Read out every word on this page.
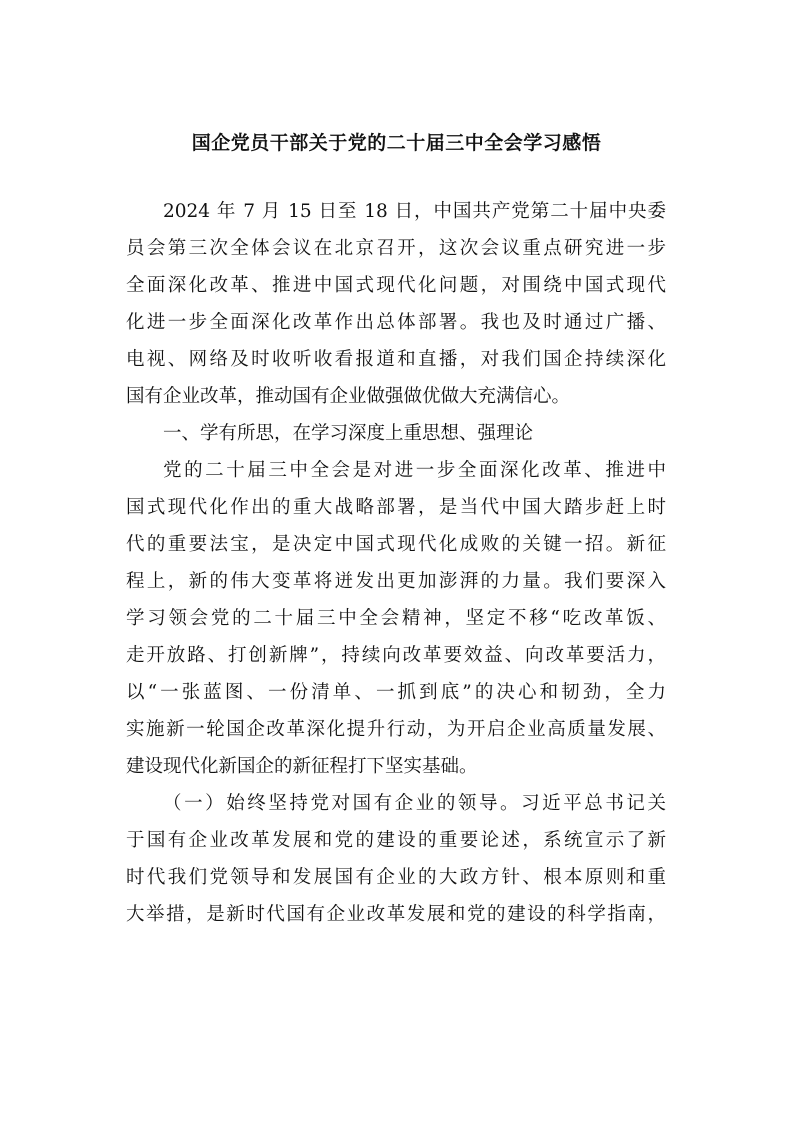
国企党员干部关于党的二十届三中全会学习感悟
2024 年 7 月 15 日至 18 日，中国共产党第二十届中央委
员会第三次全体会议在北京召开，这次会议重点研究进一步
全面深化改革、推进中国式现代化问题，对围绕中国式现代
化进一步全面深化改革作出总体部署。我也及时通过广播、
电视、网络及时收听收看报道和直播，对我们国企持续深化
国有企业改革，推动国有企业做强做优做大充满信心。
一、学有所思，在学习深度上重思想、强理论
党的二十届三中全会是对进一步全面深化改革、推进中
国式现代化作出的重大战略部署，是当代中国大踏步赶上时
代的重要法宝，是决定中国式现代化成败的关键一招。新征
程上，新的伟大变革将迸发出更加澎湃的力量。我们要深入
学习领会党的二十届三中全会精神，坚定不移“吃改革饭、
走开放路、打创新牌”，持续向改革要效益、向改革要活力，
以“一张蓝图、一份清单、一抓到底”的决心和韧劲，全力
实施新一轮国企改革深化提升行动，为开启企业高质量发展、
建设现代化新国企的新征程打下坚实基础。
（一）始终坚持党对国有企业的领导。习近平总书记关
于国有企业改革发展和党的建设的重要论述，系统宣示了新
时代我们党领导和发展国有企业的大政方针、根本原则和重
大举措，是新时代国有企业改革发展和党的建设的科学指南，
